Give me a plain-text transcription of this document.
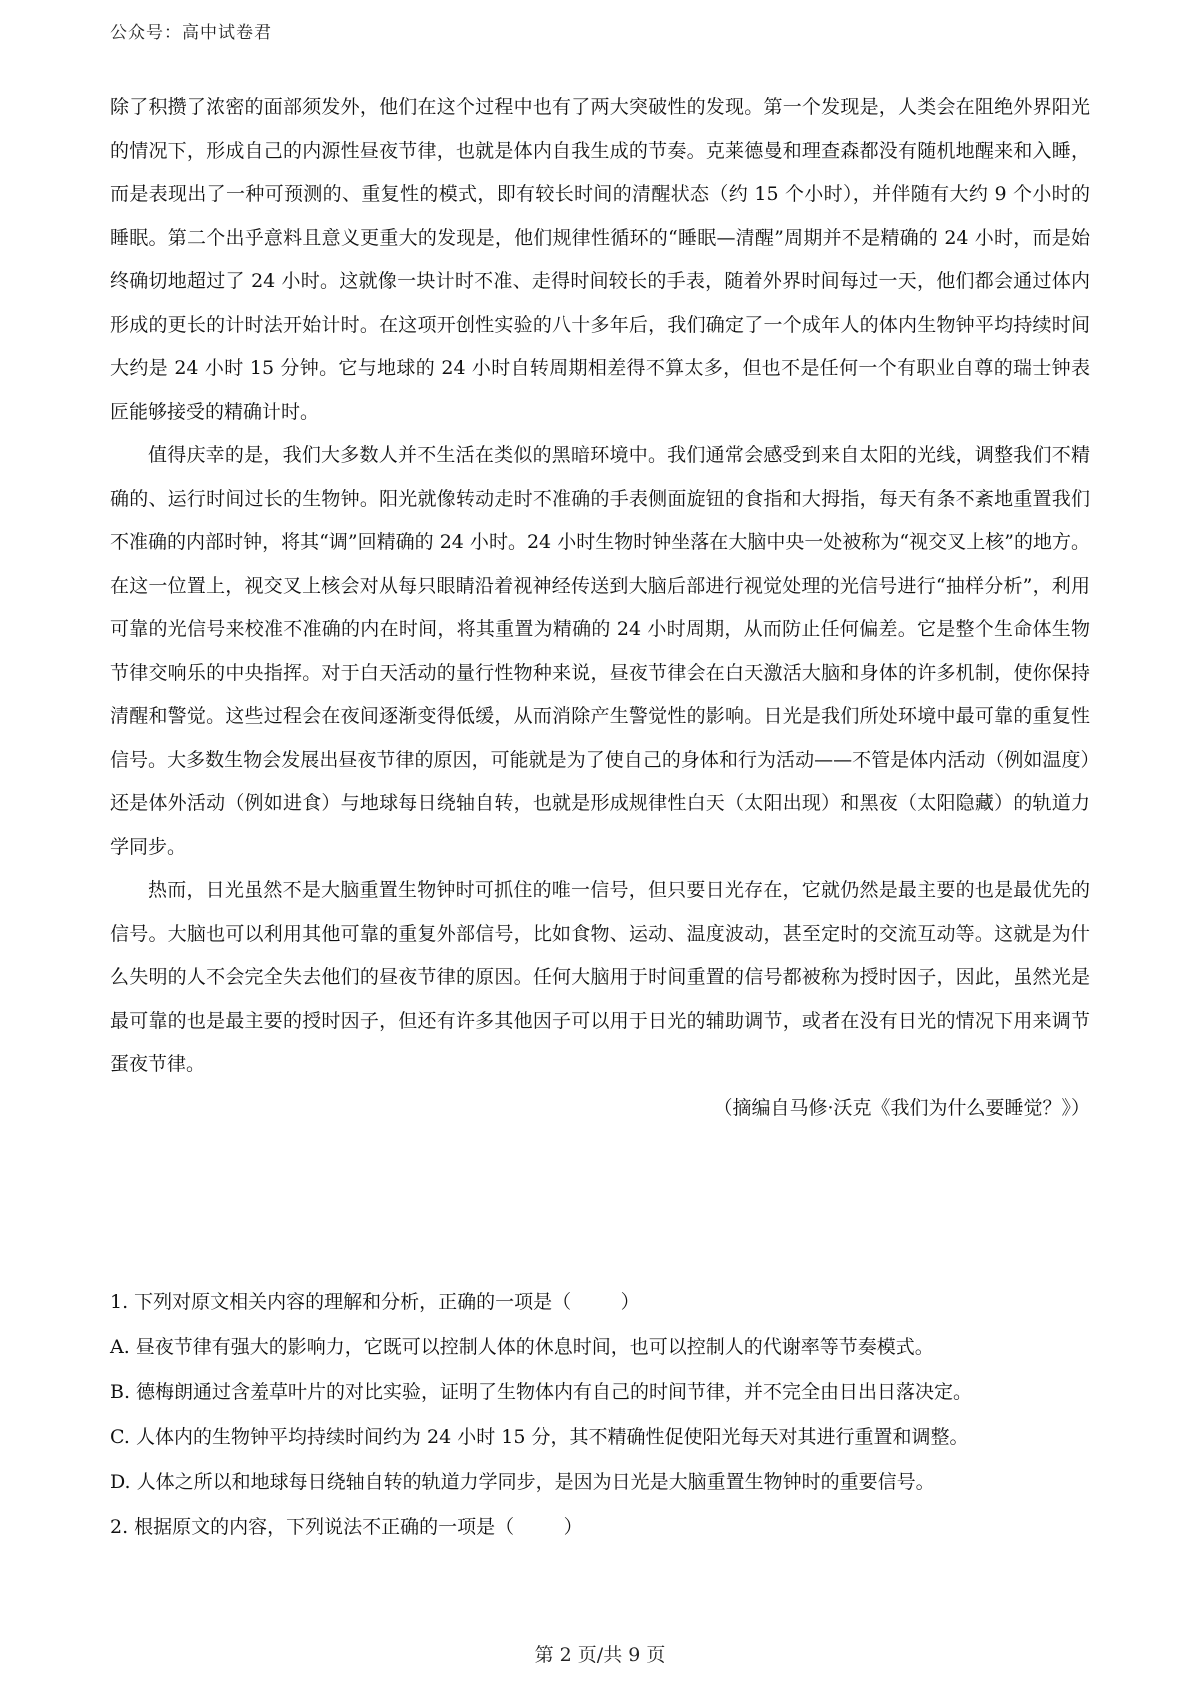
公众号：高中试卷君

除了积攒了浓密的面部须发外，他们在这个过程中也有了两大突破性的发现。第一个发现是，人类会在阻绝外界阳光的情况下，形成自己的内源性昼夜节律，也就是体内自我生成的节奏。克莱德曼和理查森都没有随机地醒来和入睡，而是表现出了一种可预测的、重复性的模式，即有较长时间的清醒状态（约 15 个小时），并伴随有大约 9 个小时的睡眠。第二个出乎意料且意义更重大的发现是，他们规律性循环的“睡眠—清醒”周期并不是精确的 24 小时，而是始终确切地超过了 24 小时。这就像一块计时不准、走得时间较长的手表，随着外界时间每过一天，他们都会通过体内形成的更长的计时法开始计时。在这项开创性实验的八十多年后，我们确定了一个成年人的体内生物钟平均持续时间大约是 24 小时 15 分钟。它与地球的 24 小时自转周期相差得不算太多，但也不是任何一个有职业自尊的瑞士钟表匠能够接受的精确计时。

值得庆幸的是，我们大多数人并不生活在类似的黑暗环境中。我们通常会感受到来自太阳的光线，调整我们不精确的、运行时间过长的生物钟。阳光就像转动走时不准确的手表侧面旋钮的食指和大拇指，每天有条不紊地重置我们不准确的内部时钟，将其“调”回精确的 24 小时。24 小时生物时钟坐落在大脑中央一处被称为“视交叉上核”的地方。在这一位置上，视交叉上核会对从每只眼睛沿着视神经传送到大脑后部进行视觉处理的光信号进行“抽样分析”，利用可靠的光信号来校准不准确的内在时间，将其重置为精确的 24 小时周期，从而防止任何偏差。它是整个生命体生物节律交响乐的中央指挥。对于白天活动的量行性物种来说，昼夜节律会在白天激活大脑和身体的许多机制，使你保持清醒和警觉。这些过程会在夜间逐渐变得低缓，从而消除产生警觉性的影响。日光是我们所处环境中最可靠的重复性信号。大多数生物会发展出昼夜节律的原因，可能就是为了使自己的身体和行为活动——不管是体内活动（例如温度）还是体外活动（例如进食）与地球每日绕轴自转，也就是形成规律性白天（太阳出现）和黑夜（太阳隐藏）的轨道力学同步。

热而，日光虽然不是大脑重置生物钟时可抓住的唯一信号，但只要日光存在，它就仍然是最主要的也是最优先的信号。大脑也可以利用其他可靠的重复外部信号，比如食物、运动、温度波动，甚至定时的交流互动等。这就是为什么失明的人不会完全失去他们的昼夜节律的原因。任何大脑用于时间重置的信号都被称为授时因子，因此，虽然光是最可靠的也是最主要的授时因子，但还有许多其他因子可以用于日光的辅助调节，或者在没有日光的情况下用来调节蛋夜节律。

（摘编自马修·沃克《我们为什么要睡觉？》）

1. 下列对原文相关内容的理解和分析，正确的一项是（	）

A. 昼夜节律有强大的影响力，它既可以控制人体的休息时间，也可以控制人的代谢率等节奏模式。

B. 德梅朗通过含羞草叶片的对比实验，证明了生物体内有自己的时间节律，并不完全由日出日落决定。

C. 人体内的生物钟平均持续时间约为 24 小时 15 分，其不精确性促使阳光每天对其进行重置和调整。

D. 人体之所以和地球每日绕轴自转的轨道力学同步，是因为日光是大脑重置生物钟时的重要信号。

2. 根据原文的内容，下列说法不正确的一项是（	）

第 2 页/共 9 页
